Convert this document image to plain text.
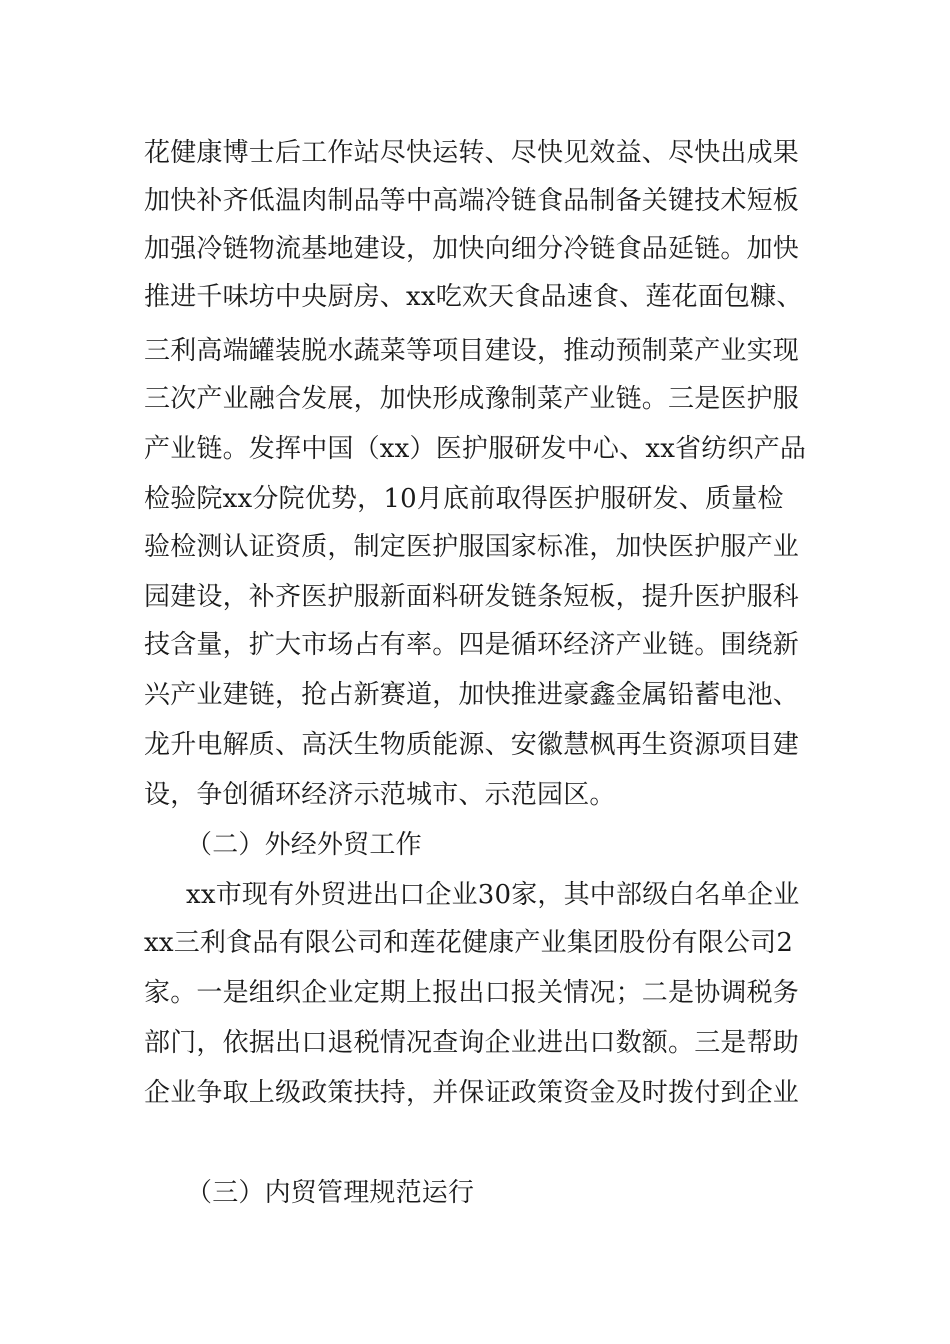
花健康博士后工作站尽快运转、尽快见效益、尽快出成果
加快补齐低温肉制品等中高端冷链食品制备关键技术短板
加强冷链物流基地建设，加快向细分冷链食品延链。加快
推进千味坊中央厨房、xx吃欢天食品速食、莲花面包糠、
三利高端罐装脱水蔬菜等项目建设，推动预制菜产业实现
三次产业融合发展，加快形成豫制菜产业链。三是医护服
产业链。发挥中国（xx）医护服研发中心、xx省纺织产品
检验院xx分院优势，10月底前取得医护服研发、质量检
验检测认证资质，制定医护服国家标准，加快医护服产业
园建设，补齐医护服新面料研发链条短板，提升医护服科
技含量，扩大市场占有率。四是循环经济产业链。围绕新
兴产业建链，抢占新赛道，加快推进豪鑫金属铅蓄电池、
龙升电解质、高沃生物质能源、安徽慧枫再生资源项目建
设，争创循环经济示范城市、示范园区。
（二）外经外贸工作
xx市现有外贸进出口企业30家，其中部级白名单企业
xx三利食品有限公司和莲花健康产业集团股份有限公司2
家。一是组织企业定期上报出口报关情况；二是协调税务
部门，依据出口退税情况查询企业进出口数额。三是帮助
企业争取上级政策扶持，并保证政策资金及时拨付到企业
（三）内贸管理规范运行
